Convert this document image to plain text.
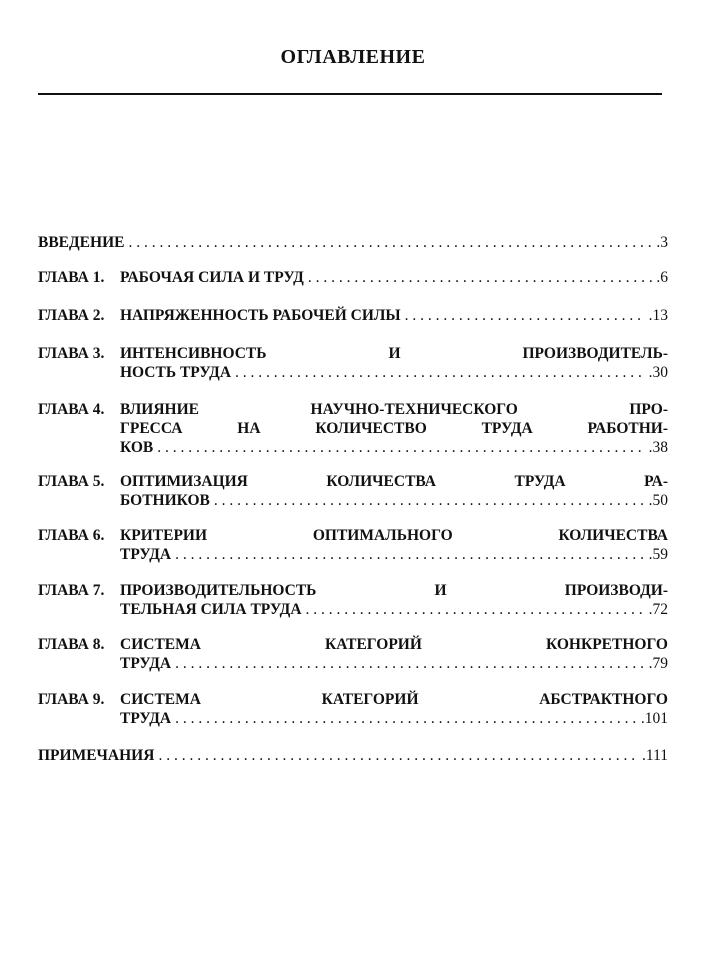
ОГЛАВЛЕНИЕ
ВВЕДЕНИЕ . . .	.3
ГЛАВА 1. РАБОЧАЯ СИЛА И ТРУД . . .	.6
ГЛАВА 2. НАПРЯЖЕННОСТЬ РАБОЧЕЙ СИЛЫ . . .	.13
ГЛАВА 3. ИНТЕНСИВНОСТЬ И ПРОИЗВОДИТЕЛЬ-
НОСТЬ ТРУДА . . .	.30
ГЛАВА 4. ВЛИЯНИЕ НАУЧНО-ТЕХНИЧЕСКОГО ПРО-
ГРЕССА НА КОЛИЧЕСТВО ТРУДА РАБОТНИ-
КОВ . . .	.38
ГЛАВА 5. ОПТИМИЗАЦИЯ КОЛИЧЕСТВА ТРУДА РА-
БОТНИКОВ . . .	.50
ГЛАВА 6. КРИТЕРИИ ОПТИМАЛЬНОГО КОЛИЧЕСТВА
ТРУДА . . .	.59
ГЛАВА 7. ПРОИЗВОДИТЕЛЬНОСТЬ И ПРОИЗВОДИ-
ТЕЛЬНАЯ СИЛА ТРУДА . . .	.72
ГЛАВА 8. СИСТЕМА КАТЕГОРИЙ КОНКРЕТНОГО
ТРУДА . . .	.79
ГЛАВА 9. СИСТЕМА КАТЕГОРИЙ АБСТРАКТНОГО
ТРУДА . . .	.101
ПРИМЕЧАНИЯ . . .	.111
